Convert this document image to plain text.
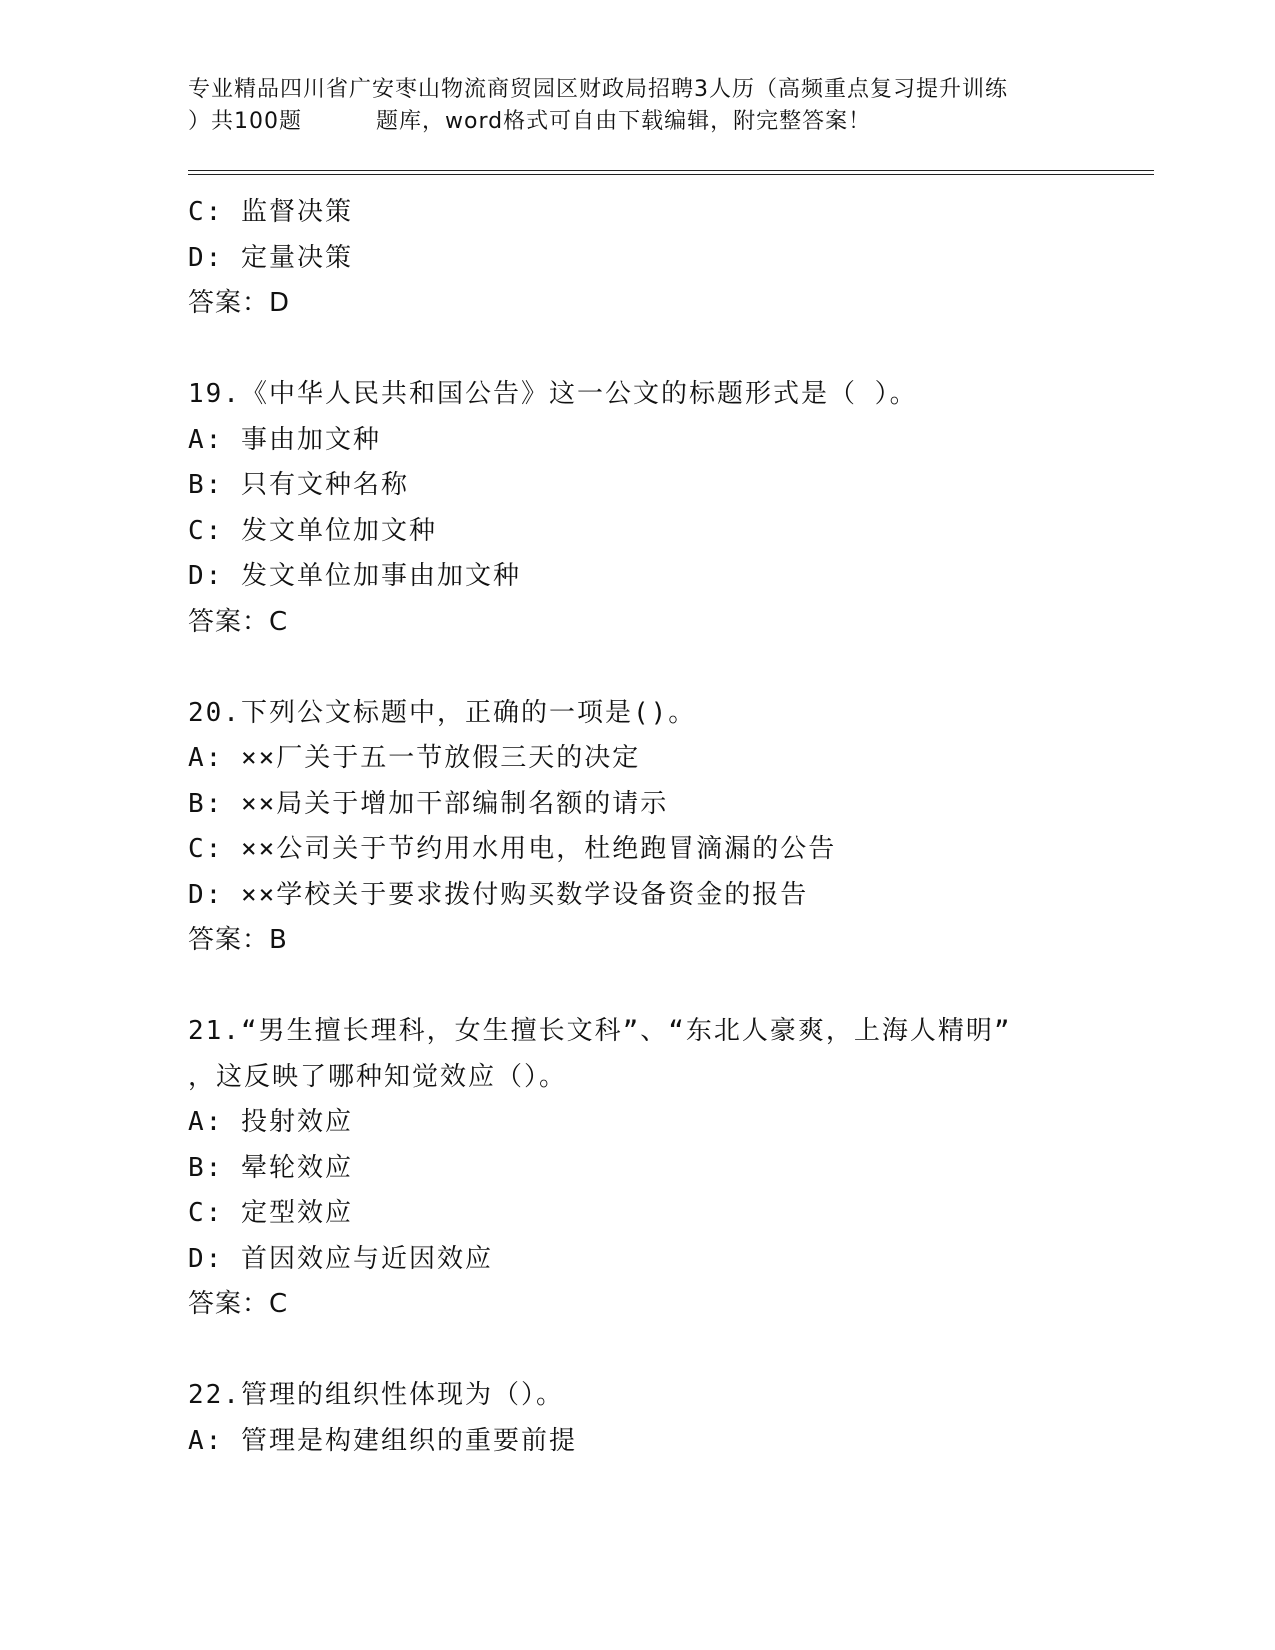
专业精品四川省广安枣山物流商贸园区财政局招聘3人历（高频重点复习提升训练
）共100题	题库，word格式可自由下载编辑，附完整答案！
C: 监督决策
D: 定量决策
答案：D
19.《中华人民共和国公告》这一公文的标题形式是（ ）。
A: 事由加文种
B: 只有文种名称
C: 发文单位加文种
D: 发文单位加事由加文种
答案：C
20.下列公文标题中，正确的一项是()。
A: ××厂关于五一节放假三天的决定
B: ××局关于增加干部编制名额的请示
C: ××公司关于节约用水用电，杜绝跑冒滴漏的公告
D: ××学校关于要求拨付购买数学设备资金的报告
答案：B
21.“男生擅长理科，女生擅长文科”、“东北人豪爽，上海人精明”
，这反映了哪种知觉效应（）。
A: 投射效应
B: 晕轮效应
C: 定型效应
D: 首因效应与近因效应
答案：C
22.管理的组织性体现为（）。
A: 管理是构建组织的重要前提
